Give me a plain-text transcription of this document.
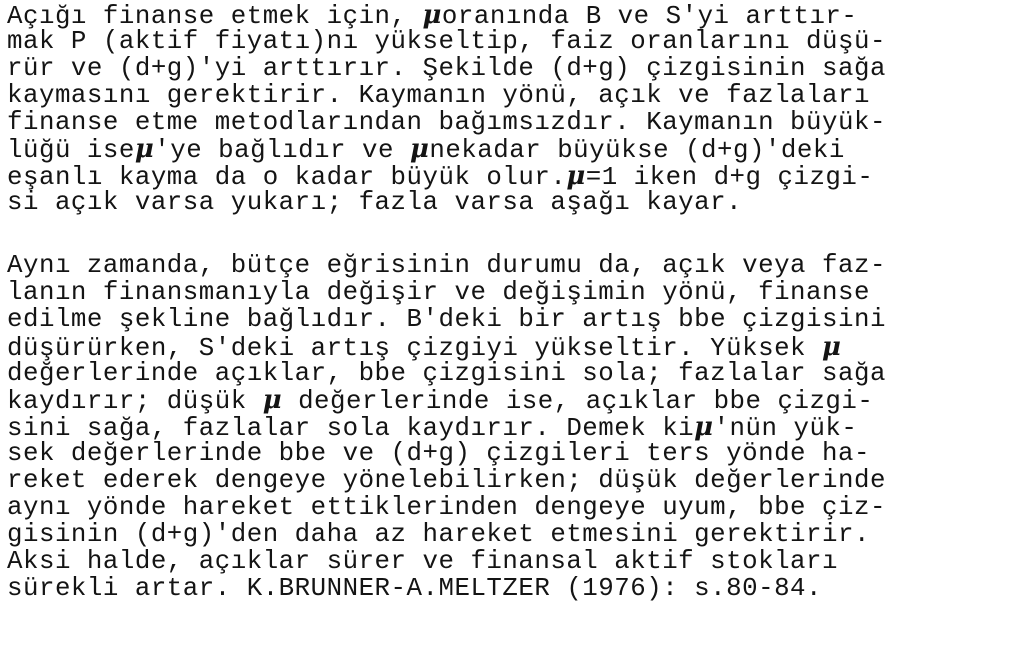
Açığı finanse etmek için, μoranında B ve S'yi arttır-
mak P (aktif fiyatı)nı yükseltip, faiz oranlarını düşü-
rür ve (d+g)'yi arttırır. Şekilde (d+g) çizgisinin sağa
kaymasını gerektirir. Kaymanın yönü, açık ve fazlaları
finanse etme metodlarından bağımsızdır. Kaymanın büyük-
lüğü iseμ'ye bağlıdır ve μnekadar büyükse (d+g)'deki
eşanlı kayma da o kadar büyük olur.μ=1 iken d+g çizgi-
si açık varsa yukarı; fazla varsa aşağı kayar.
Aynı zamanda, bütçe eğrisinin durumu da, açık veya faz-
lanın finansmanıyla değişir ve değişimin yönü, finanse
edilme şekline bağlıdır. B'deki bir artış bbe çizgisini
düşürürken, S'deki artış çizgiyi yükseltir. Yüksek μ
değerlerinde açıklar, bbe çizgisini sola; fazlalar sağa
kaydırır; düşük μ değerlerinde ise, açıklar bbe çizgi-
sini sağa, fazlalar sola kaydırır. Demek kiμ'nün yük-
sek değerlerinde bbe ve (d+g) çizgileri ters yönde ha-
reket ederek dengeye yönelebilirken; düşük değerlerinde
aynı yönde hareket ettiklerinden dengeye uyum, bbe çiz-
gisinin (d+g)'den daha az hareket etmesini gerektirir.
Aksi halde, açıklar sürer ve finansal aktif stokları
sürekli artar. K.BRUNNER-A.MELTZER (1976): s.80-84.
